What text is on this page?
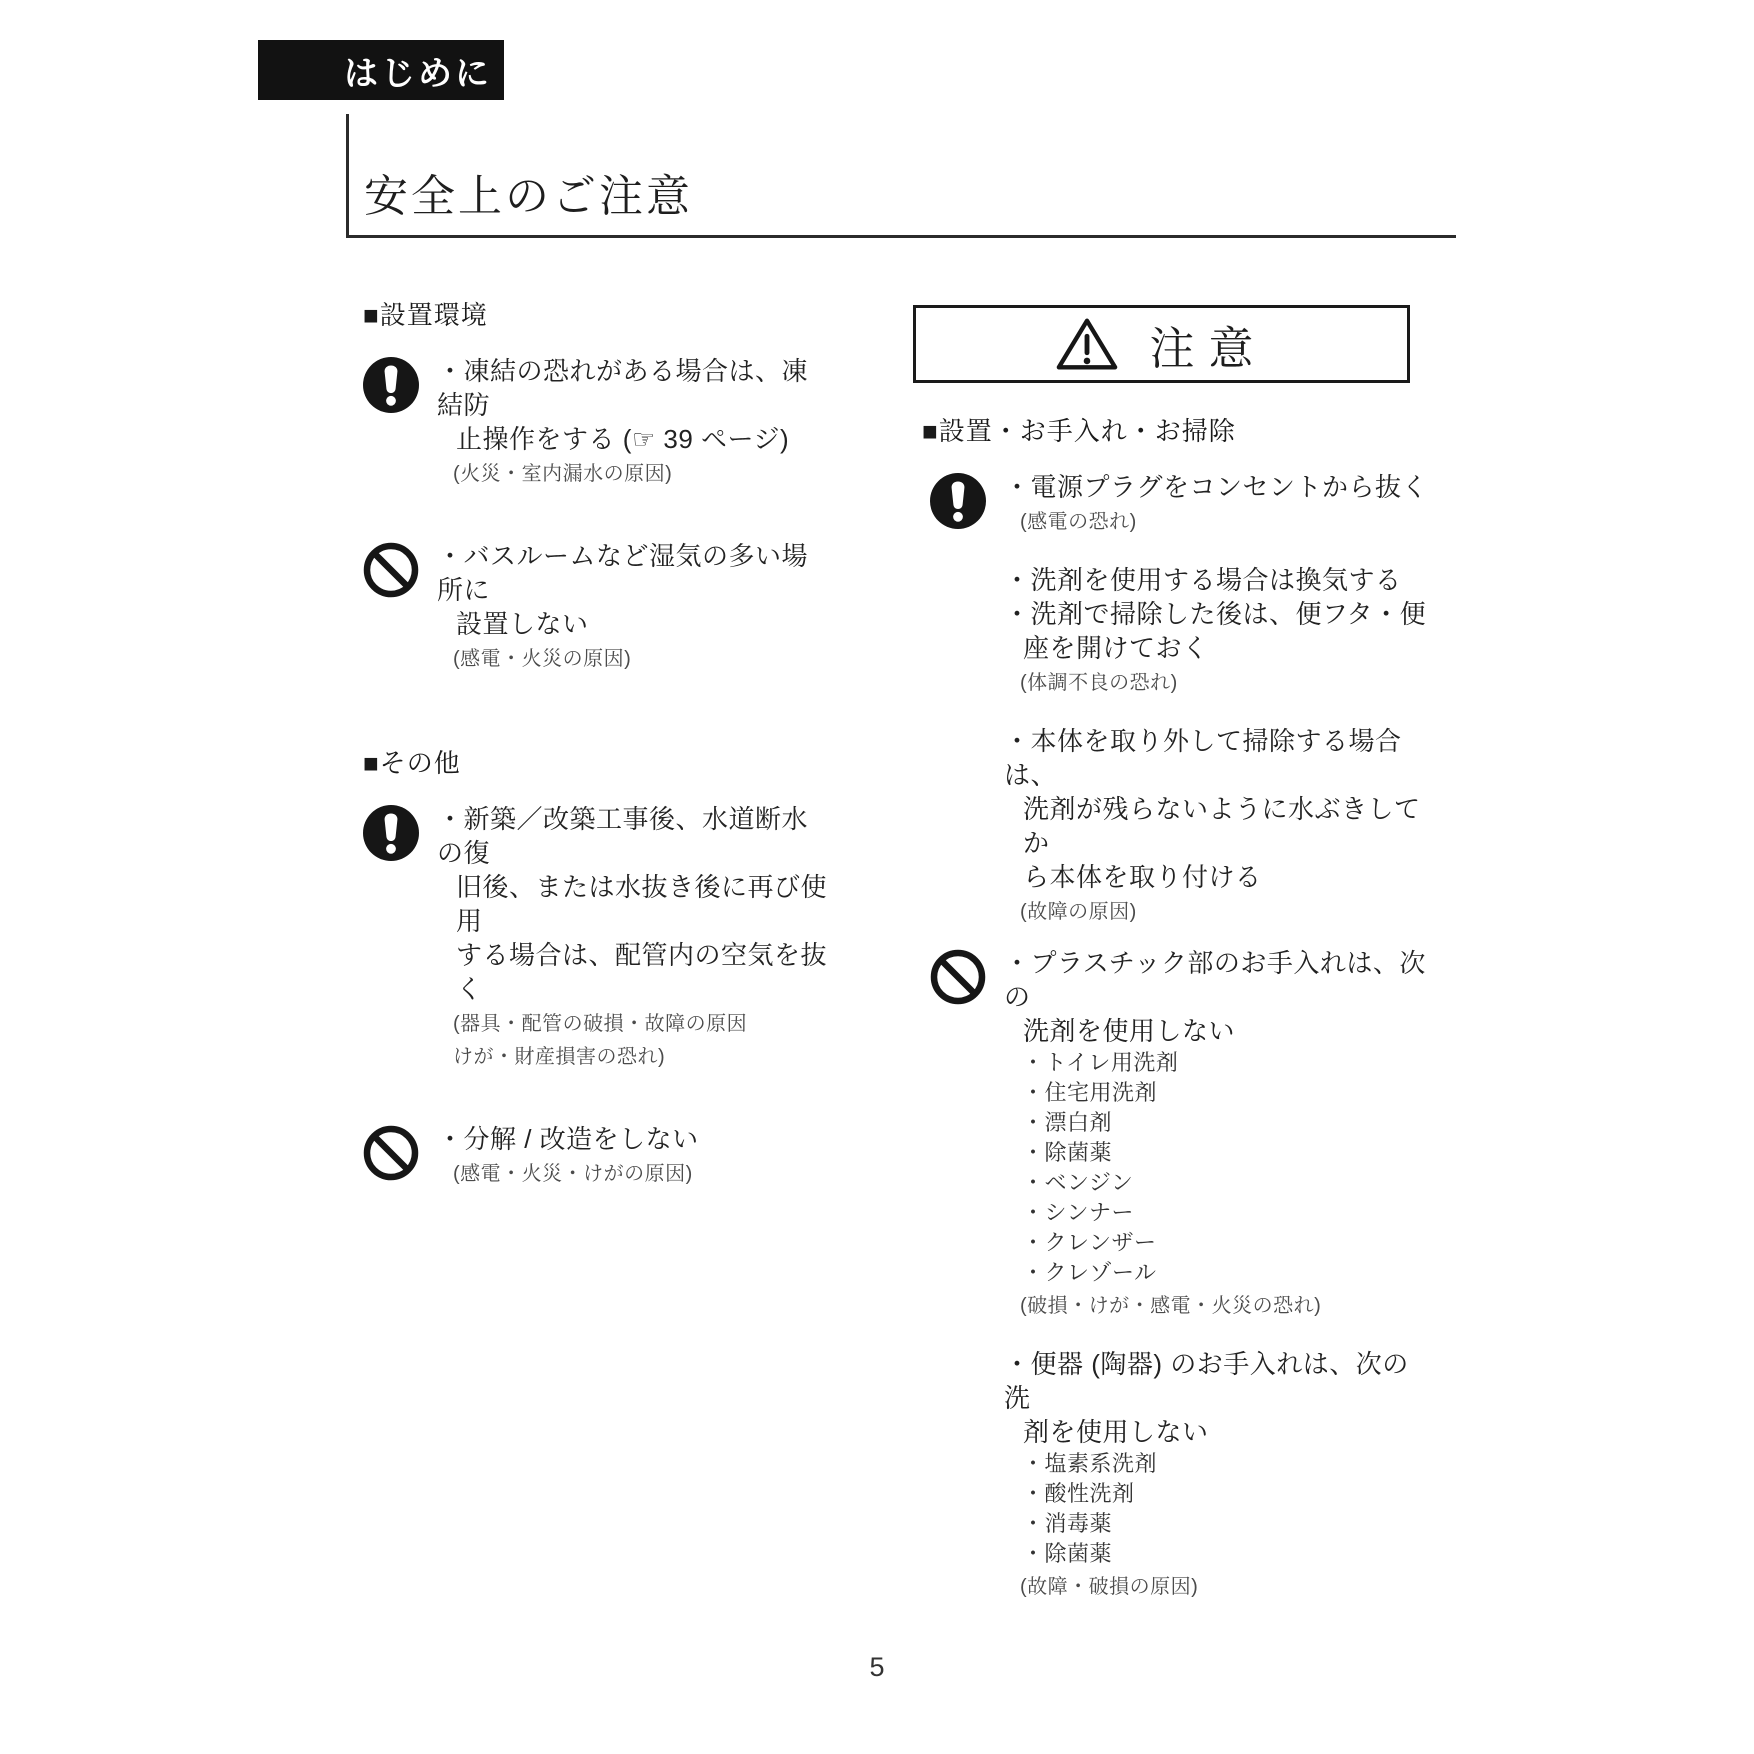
はじめに
安全上のご注意
■設置環境
・凍結の恐れがある場合は、凍結防
止操作をする (☞ 39 ページ)
(火災・室内漏水の原因)
・バスルームなど湿気の多い場所に
設置しない
(感電・火災の原因)
■その他
・新築／改築工事後、水道断水の復
旧後、または水抜き後に再び使用
する場合は、配管内の空気を抜く
(器具・配管の破損・故障の原因
けが・財産損害の恐れ)
・分解 / 改造をしない
(感電・火災・けがの原因)
注意
■設置・お手入れ・お掃除
・電源プラグをコンセントから抜く
(感電の恐れ)
・洗剤を使用する場合は換気する
・洗剤で掃除した後は、便フタ・便
座を開けておく
(体調不良の恐れ)
・本体を取り外して掃除する場合は、
洗剤が残らないように水ぶきしてか
ら本体を取り付ける
(故障の原因)
・プラスチック部のお手入れは、次の
洗剤を使用しない
・トイレ用洗剤
・住宅用洗剤
・漂白剤
・除菌薬
・ベンジン
・シンナー
・クレンザー
・クレゾール
(破損・けが・感電・火災の恐れ)
・便器 (陶器) のお手入れは、次の洗
剤を使用しない
・塩素系洗剤
・酸性洗剤
・消毒薬
・除菌薬
(故障・破損の原因)
5
